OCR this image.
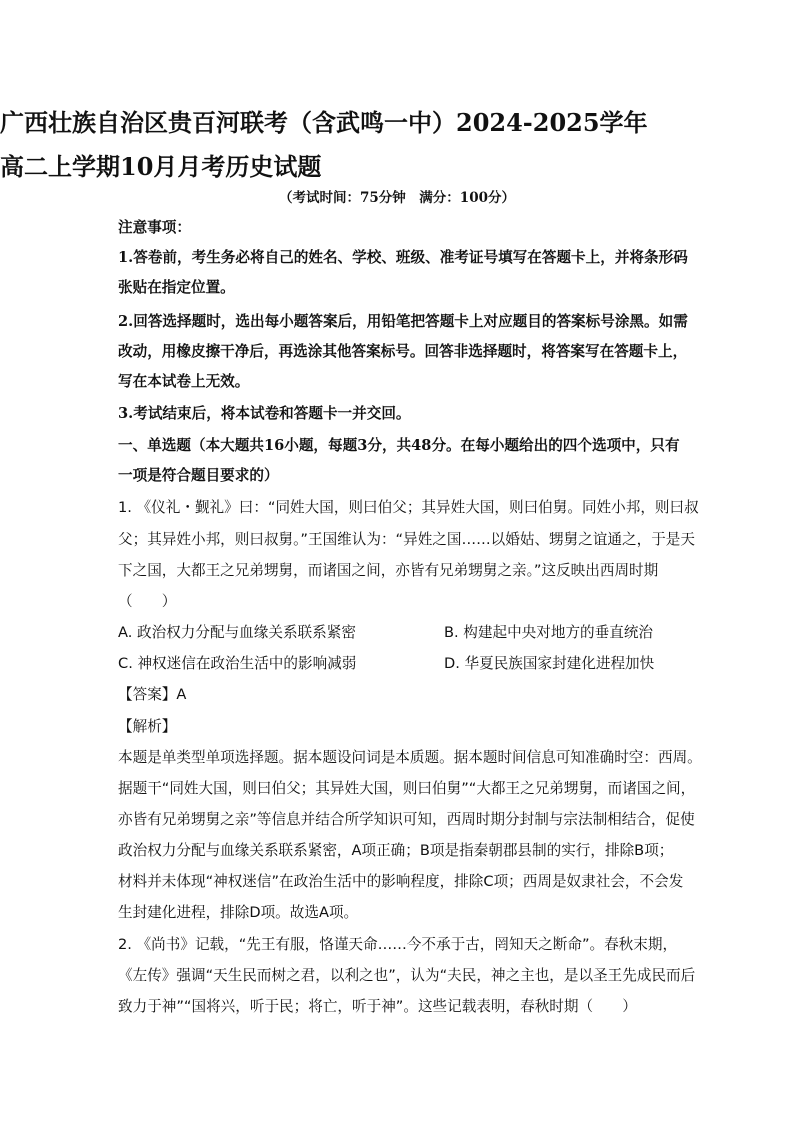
广西壮族自治区贵百河联考（含武鸣一中）2024-2025学年
高二上学期10月月考历史试题
（考试时间：75分钟　满分：100分）
注意事项：
1.答卷前，考生务必将自己的姓名、学校、班级、准考证号填写在答题卡上，并将条形码
张贴在指定位置。
2.回答选择题时，选出每小题答案后，用铅笔把答题卡上对应题目的答案标号涂黑。如需
改动，用橡皮擦干净后，再选涂其他答案标号。回答非选择题时，将答案写在答题卡上，
写在本试卷上无效。
3.考试结束后，将本试卷和答题卡一并交回。
一、单选题（本大题共16小题，每题3分，共48分。在每小题给出的四个选项中，只有
一项是符合题目要求的）
1. 《仪礼・觐礼》曰：“同姓大国，则曰伯父；其异姓大国，则曰伯舅。同姓小邦，则曰叔
父；其异姓小邦，则曰叔舅。”王国维认为：“异姓之国……以婚姑、甥舅之谊通之，于是天
下之国，大都王之兄弟甥舅，而诸国之间，亦皆有兄弟甥舅之亲。”这反映出西周时期
（　　）
A. 政治权力分配与血缘关系联系紧密	B. 构建起中央对地方的垂直统治
C. 神权迷信在政治生活中的影响减弱	D. 华夏民族国家封建化进程加快
【答案】A
【解析】
本题是单类型单项选择题。据本题设问词是本质题。据本题时间信息可知准确时空：西周。
据题干“同姓大国，则曰伯父；其异姓大国，则曰伯舅”“大都王之兄弟甥舅，而诸国之间，
亦皆有兄弟甥舅之亲”等信息并结合所学知识可知，西周时期分封制与宗法制相结合，促使
政治权力分配与血缘关系联系紧密，A项正确；B项是指秦朝郡县制的实行，排除B项；
材料并未体现“神权迷信”在政治生活中的影响程度，排除C项；西周是奴隶社会，不会发
生封建化进程，排除D项。故选A项。
2. 《尚书》记载，“先王有服，恪谨天命……今不承于古，罔知天之断命”。春秋末期，
《左传》强调“天生民而树之君，以利之也”，认为“夫民，神之主也，是以圣王先成民而后
致力于神”“国将兴，听于民；将亡，听于神”。这些记载表明，春秋时期（　　）
